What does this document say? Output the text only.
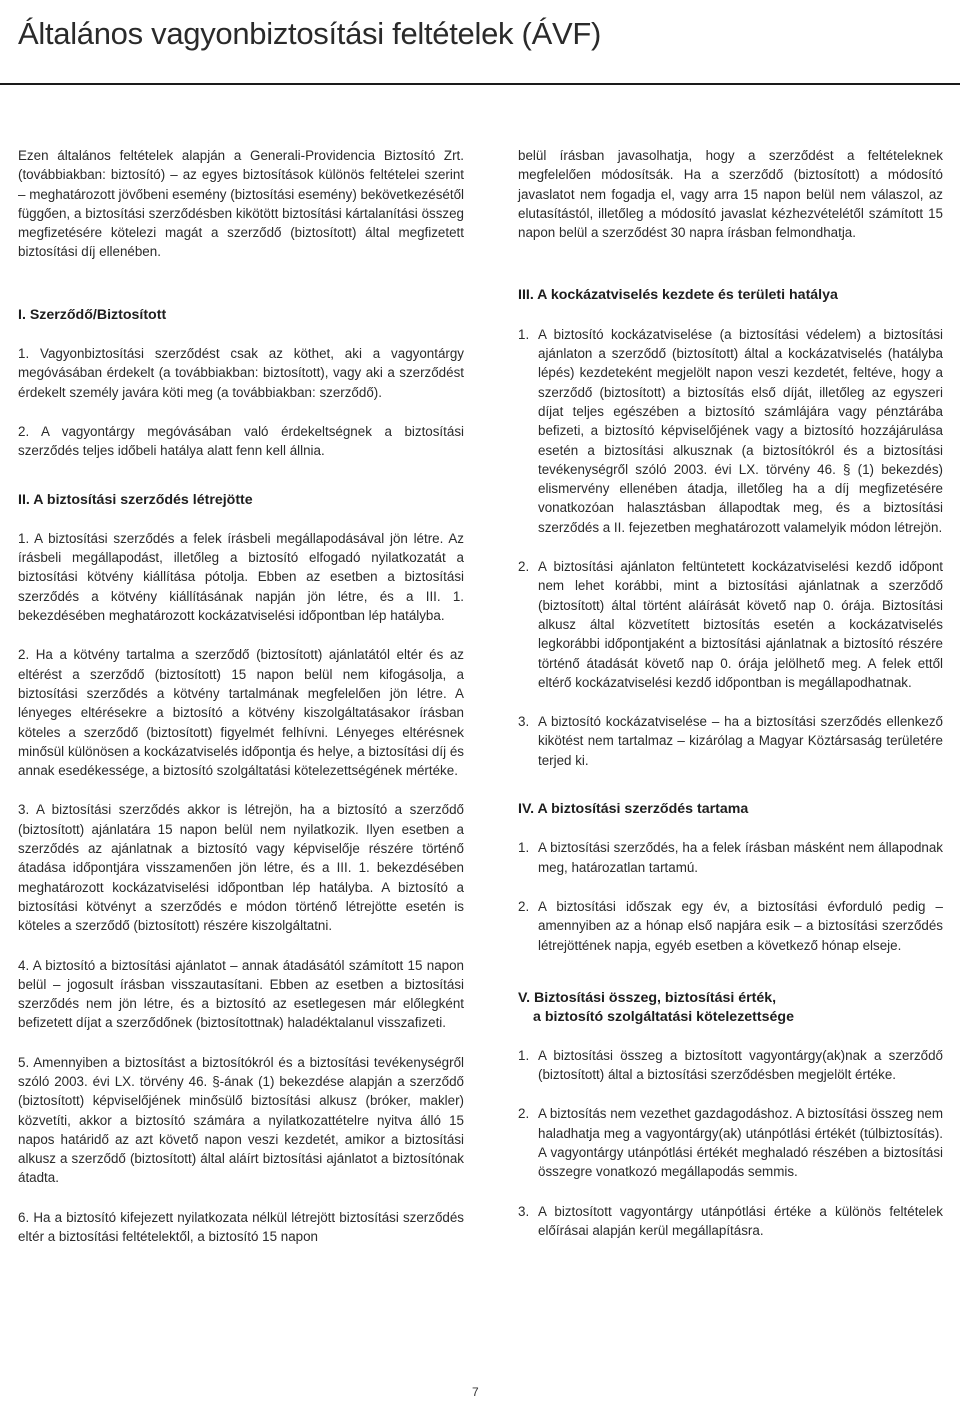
Általános vagyonbiztosítási feltételek (ÁVF)

Ezen általános feltételek alapján a Generali-Providencia Biztosító Zrt. (továbbiakban: biztosító) – az egyes biztosítások különös feltételei szerint – meghatározott jövőbeni esemény (biztosítási esemény) bekövetkezésétől függően, a biztosítási szerződésben kikötött biztosítási kártalanítási összeg megfizetésére kötelezi magát a szerződő (biztosított) által megfizetett biztosítási díj ellenében.

I. Szerződő/Biztosított
1. Vagyonbiztosítási szerződést csak az köthet, aki a vagyontárgy megóvásában érdekelt (a továbbiakban: biztosított), vagy aki a szerződést érdekelt személy javára köti meg (a továbbiakban: szerződő).
2. A vagyontárgy megóvásában való érdekeltségnek a biztosítási szerződés teljes időbeli hatálya alatt fenn kell állnia.
II. A biztosítási szerződés létrejötte
1. A biztosítási szerződés a felek írásbeli megállapodásával jön létre. Az írásbeli megállapodást, illetőleg a biztosító elfogadó nyilatkozatát a biztosítási kötvény kiállítása pótolja. Ebben az esetben a biztosítási szerződés a kötvény kiállításának napján jön létre, és a III. 1. bekezdésében meghatározott kockázatviselési időpontban lép hatályba.
2. Ha a kötvény tartalma a szerződő (biztosított) ajánlatától eltér és az eltérést a szerződő (biztosított) 15 napon belül nem kifogásolja, a biztosítási szerződés a kötvény tartalmának megfelelően jön létre. A lényeges eltérésekre a biztosító a kötvény kiszolgáltatásakor írásban köteles a szerződő (biztosított) figyelmét felhívni. Lényeges eltérésnek minősül különösen a kockázatviselés időpontja és helye, a biztosítási díj és annak esedékessége, a biztosító szolgáltatási kötelezettségének mértéke.
3. A biztosítási szerződés akkor is létrejön, ha a biztosító a szerződő (biztosított) ajánlatára 15 napon belül nem nyilatkozik. Ilyen esetben a szerződés az ajánlatnak a biztosító vagy képviselője részére történő átadása időpontjára visszamenően jön létre, és a III. 1. bekezdésében meghatározott kockázatviselési időpontban lép hatályba. A biztosító a biztosítási kötvényt a szerződés e módon történő létrejötte esetén is köteles a szerződő (biztosított) részére kiszolgáltatni.
4. A biztosító a biztosítási ajánlatot – annak átadásától számított 15 napon belül – jogosult írásban visszautasítani. Ebben az esetben a biztosítási szerződés nem jön létre, és a biztosító az esetlegesen már előlegként befizetett díjat a szerződőnek (biztosítottnak) haladéktalanul visszafizeti.
5. Amennyiben a biztosítást a biztosítókról és a biztosítási tevékenységről szóló 2003. évi LX. törvény 46. §-ának (1) bekezdése alapján a szerződő (biztosított) képviselőjének minősülő biztosítási alkusz (bróker, makler) közvetíti, akkor a biztosító számára a nyilatkozattételre nyitva álló 15 napos határidő az azt követő napon veszi kezdetét, amikor a biztosítási alkusz a szerződő (biztosított) által aláírt biztosítási ajánlatot a biztosítónak átadta.
6. Ha a biztosító kifejezett nyilatkozata nélkül létrejött biztosítási szerződés eltér a biztosítási feltételektől, a biztosító 15 napon

belül írásban javasolhatja, hogy a szerződést a feltételeknek megfelelően módosítsák. Ha a szerződő (biztosított) a módosító javaslatot nem fogadja el, vagy arra 15 napon belül nem válaszol, az elutasítástól, illetőleg a módosító javaslat kézhezvételétől számított 15 napon belül a szerződést 30 napra írásban felmondhatja.

III. A kockázatviselés kezdete és területi hatálya
1. A biztosító kockázatviselése (a biztosítási védelem) a biztosítási ajánlaton a szerződő (biztosított) által a kockázatviselés (hatályba lépés) kezdeteként megjelölt napon veszi kezdetét, feltéve, hogy a szerződő (biztosított) a biztosítás első díját, illetőleg az egyszeri díjat teljes egészében a biztosító számlájára vagy pénztárába befizeti, a biztosító képviselőjének vagy a biztosító hozzájárulása esetén a biztosítási alkusznak (a biztosítókról és a biztosítási tevékenységről szóló 2003. évi LX. törvény 46. § (1) bekezdés) elismervény ellenében átadja, illetőleg ha a díj megfizetésére vonatkozóan halasztásban állapodtak meg, és a biztosítási szerződés a II. fejezetben meghatározott valamelyik módon létrejön.
2. A biztosítási ajánlaton feltüntetett kockázatviselési kezdő időpont nem lehet korábbi, mint a biztosítási ajánlatnak a szerződő (biztosított) által történt aláírását követő nap 0. órája. Biztosítási alkusz által közvetített biztosítás esetén a kockázatviselés legkorábbi időpontjaként a biztosítási ajánlatnak a biztosító részére történő átadását követő nap 0. órája jelölhető meg. A felek ettől eltérő kockázatviselési kezdő időpontban is megállapodhatnak.
3. A biztosító kockázatviselése – ha a biztosítási szerződés ellenkező kikötést nem tartalmaz – kizárólag a Magyar Köztársaság területére terjed ki.
IV. A biztosítási szerződés tartama
1. A biztosítási szerződés, ha a felek írásban másként nem állapodnak meg, határozatlan tartamú.
2. A biztosítási időszak egy év, a biztosítási évforduló pedig – amennyiben az a hónap első napjára esik – a biztosítási szerződés létrejöttének napja, egyéb esetben a következő hónap elseje.
V. Biztosítási összeg, biztosítási érték,
a biztosító szolgáltatási kötelezettsége
1. A biztosítási összeg a biztosított vagyontárgy(ak)nak a szerződő (biztosított) által a biztosítási szerződésben megjelölt értéke.
2. A biztosítás nem vezethet gazdagodáshoz. A biztosítási összeg nem haladhatja meg a vagyontárgy(ak) utánpótlási értékét (túlbiztosítás). A vagyontárgy utánpótlási értékét meghaladó részében a biztosítási összegre vonatkozó megállapodás semmis.
3. A biztosított vagyontárgy utánpótlási értéke a különös feltételek előírásai alapján kerül megállapításra.
7
